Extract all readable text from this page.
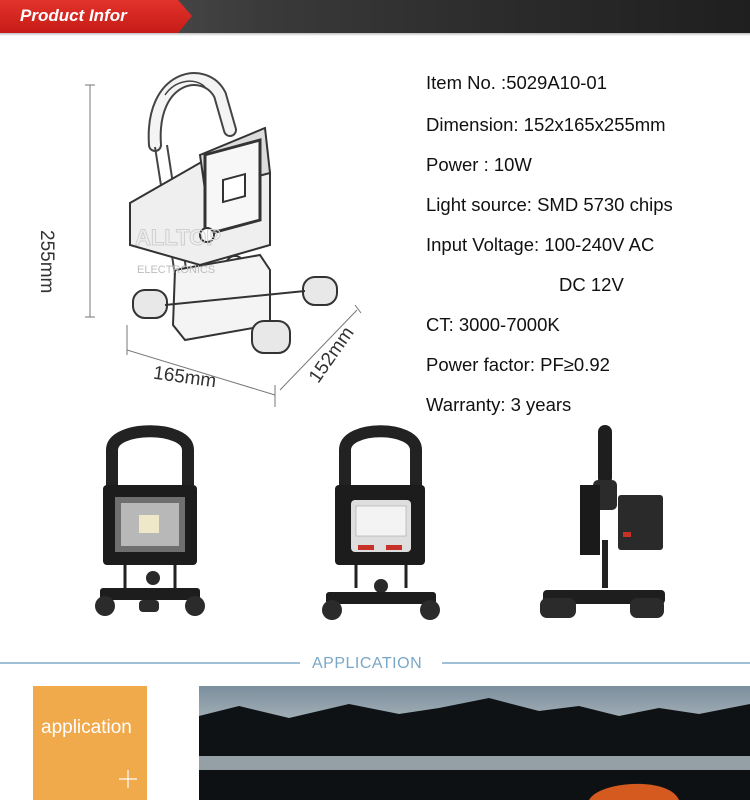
Product Infor
ALLTOP
ELECTRONICS
255mm
165mm	152mm
Item No. :5029A10-01
Dimension: 152x165x255mm
Power : 10W
Light source: SMD 5730 chips
Input Voltage: 100-240V AC
DC 12V
CT: 3000-7000K
Power factor: PF≥0.92
Warranty: 3 years
APPLICATION
application
